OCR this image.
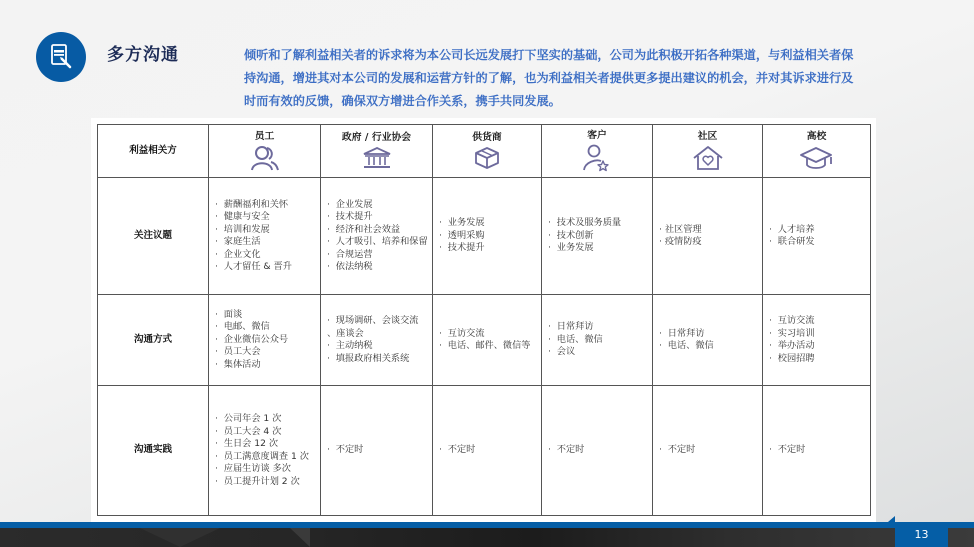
多方沟通	倾听和了解利益相关者的诉求将为本公司长远发展打下坚实的基础，公司为此积极开拓各种渠道，与利益相关者保持沟通，增进其对本公司的发展和运营方针的了解，也为利益相关者提供更多提出建议的机会，并对其诉求进行及时而有效的反馈，确保双方增进合作关系，携手共同发展。
利益相关方	员工	政府 / 行业协会	供货商	客户	社区	高校

关注议题	
·  薪酬福利和关怀
·  健康与安全
·  培训和发展
·  家庭生活
·  企业文化
·  人才留任 & 晋升

·  企业发展
·  技术提升
·  经济和社会效益
·  人才吸引、培养和保留
·  合规运营
·  依法纳税

·  业务发展
·  透明采购
·  技术提升

·  技术及服务质量
·  技术创新
·  业务发展

· 社区管理
· 疫情防疫

·  人才培养
·  联合研发

沟通方式	·  面谈
·  电邮、微信
·  企业微信公众号
·  员工大会
·  集体活动	·  现场调研、会谈交流 、座谈会
·  主动纳税
·  填报政府相关系统	·  互访交流
·  电话、邮件、微信等	·  日常拜访
·  电话、微信
·  会议	·  日常拜访
·  电话、微信	·  互访交流
·  实习培训
·  举办活动
·  校园招聘

沟通实践	
·  公司年会 1 次
·  员工大会 4 次
·  生日会 12 次
·  员工满意度调查 1 次
·  应届生访谈 多次
·  员工提升计划 2 次

·  不定时	·  不定时	·  不定时	·  不定时	·  不定时
13
